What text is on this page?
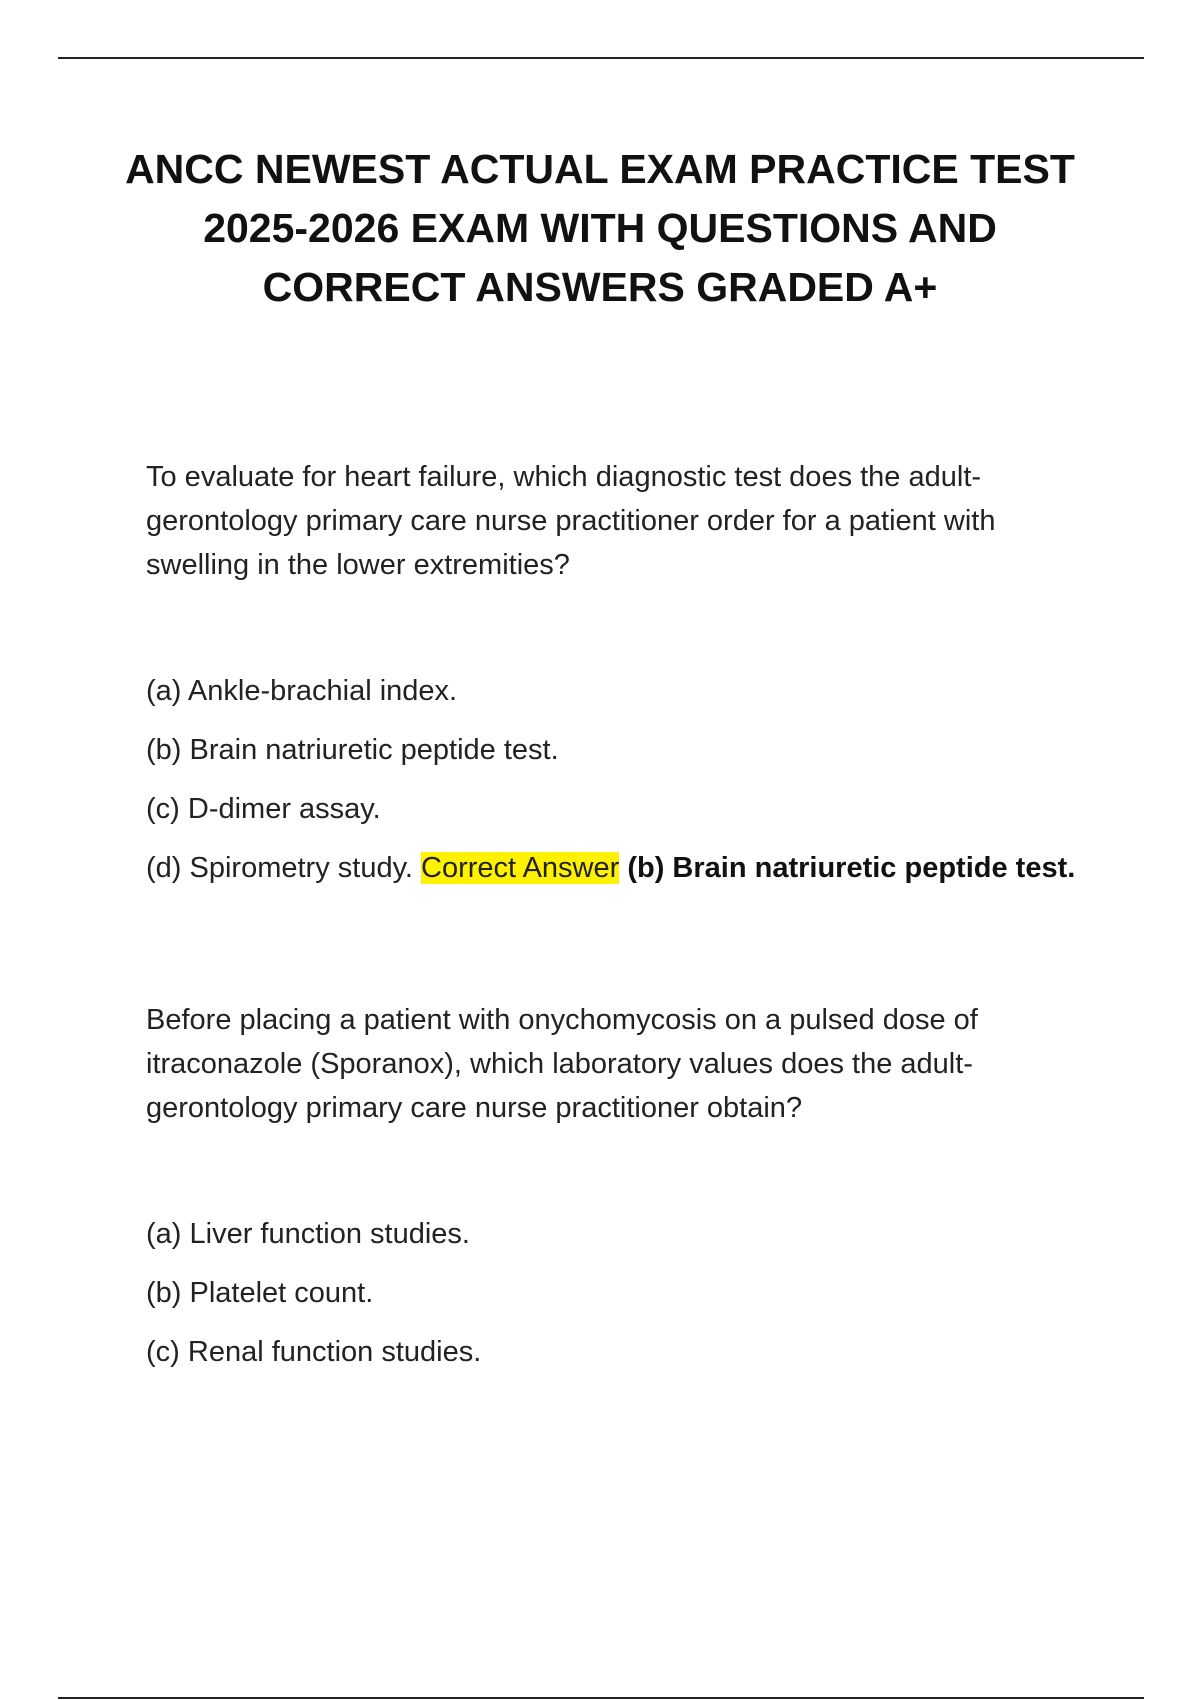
ANCC NEWEST ACTUAL EXAM PRACTICE TEST 2025-2026 EXAM WITH QUESTIONS AND CORRECT ANSWERS GRADED A+

To evaluate for heart failure, which diagnostic test does the adult-gerontology primary care nurse practitioner order for a patient with swelling in the lower extremities?

(a) Ankle-brachial index.

(b) Brain natriuretic peptide test.

(c) D-dimer assay.

(d) Spirometry study. Correct Answer (b) Brain natriuretic peptide test.

Before placing a patient with onychomycosis on a pulsed dose of itraconazole (Sporanox), which laboratory values does the adult-gerontology primary care nurse practitioner obtain?

(a) Liver function studies.

(b) Platelet count.

(c) Renal function studies.
